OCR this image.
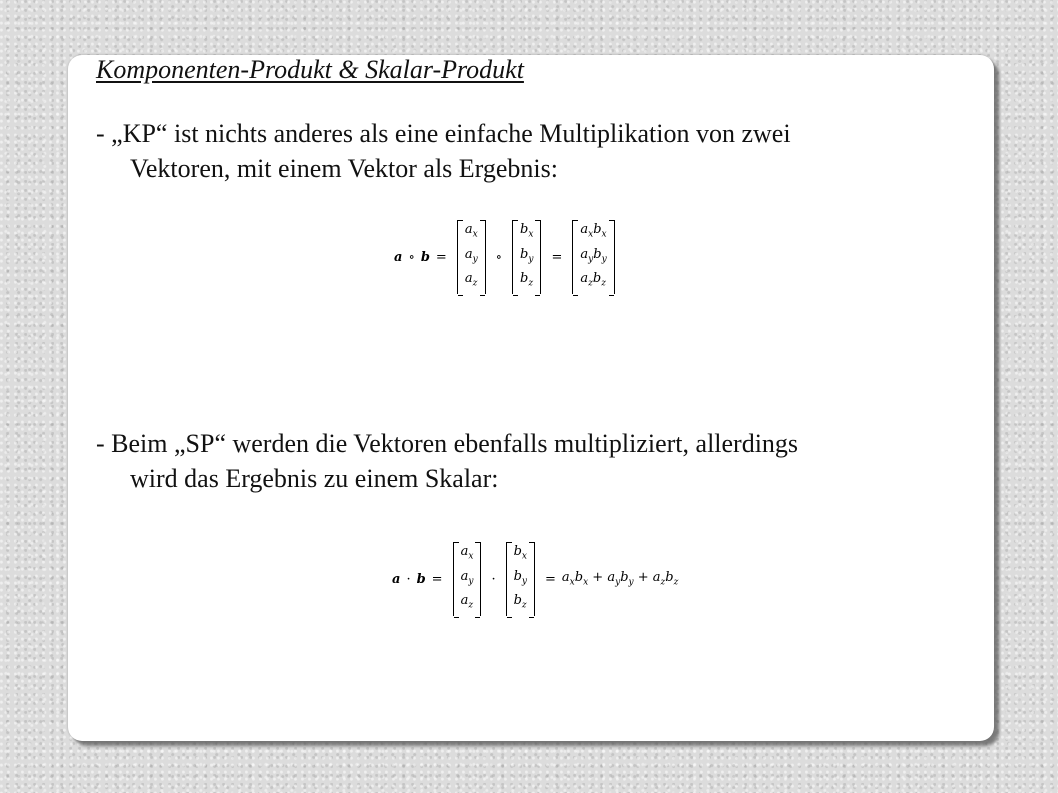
Komponenten-Produkt & Skalar-Produkt

- „KP“ ist nichts anderes als eine einfache Multiplikation von zwei
Vektoren, mit einem Vektor als Ergebnis:

a ∘ b =
$a_x$
$a_y$
$a_z$
∘
$b_x$
$b_y$
$b_z$
=
$a_xb_x$
$a_yb_y$
$a_zb_z$

- Beim „SP“ werden die Vektoren ebenfalls multipliziert, allerdings
wird das Ergebnis zu einem Skalar:

a · b =
$a_x$
$a_y$
$a_z$
·
$b_x$
$b_y$
$b_z$
= $a_xb_x + a_yb_y + a_zb_z$
